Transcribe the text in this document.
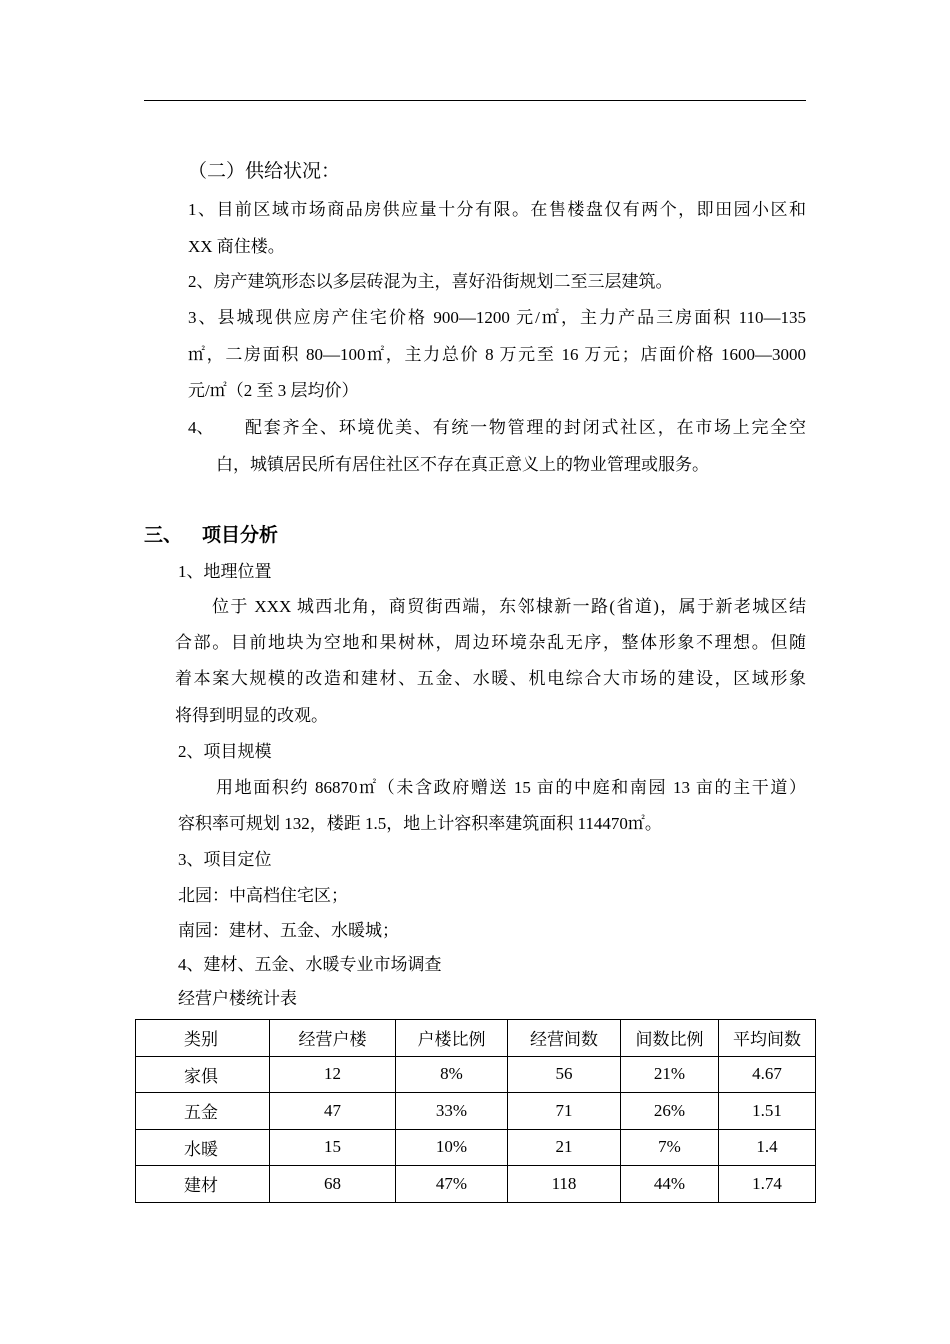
（二）供给状况：
1、目前区域市场商品房供应量十分有限。在售楼盘仅有两个，即田园小区和
XX 商住楼。
2、房产建筑形态以多层砖混为主，喜好沿街规划二至三层建筑。
3、县城现供应房产住宅价格 900—1200 元/㎡，主力产品三房面积 110—135
㎡，二房面积 80—100㎡，主力总价 8 万元至 16 万元；店面价格 1600—3000
元/㎡（2 至 3 层均价）
4、 配套齐全、环境优美、有统一物管理的封闭式社区，在市场上完全空
白，城镇居民所有居住社区不存在真正意义上的物业管理或服务。
三、 项目分析
1、地理位置
位于 XXX 城西北角，商贸街西端，东邻棣新一路(省道)，属于新老城区结
合部。目前地块为空地和果树林，周边环境杂乱无序，整体形象不理想。但随
着本案大规模的改造和建材、五金、水暖、机电综合大市场的建设，区域形象
将得到明显的改观。
2、项目规模
用地面积约 86870㎡（未含政府赠送 15 亩的中庭和南园 13 亩的主干道）
容积率可规划 132，楼距 1.5，地上计容积率建筑面积 114470㎡。
3、项目定位
北园：中高档住宅区；
南园：建材、五金、水暖城；
4、建材、五金、水暖专业市场调查
经营户楼统计表
类别	经营户楼	户楼比例	经营间数	间数比例	平均间数
家俱	12	8%	56	21%	4.67
五金	47	33%	71	26%	1.51
水暖	15	10%	21	7%	1.4
建材	68	47%	118	44%	1.74
